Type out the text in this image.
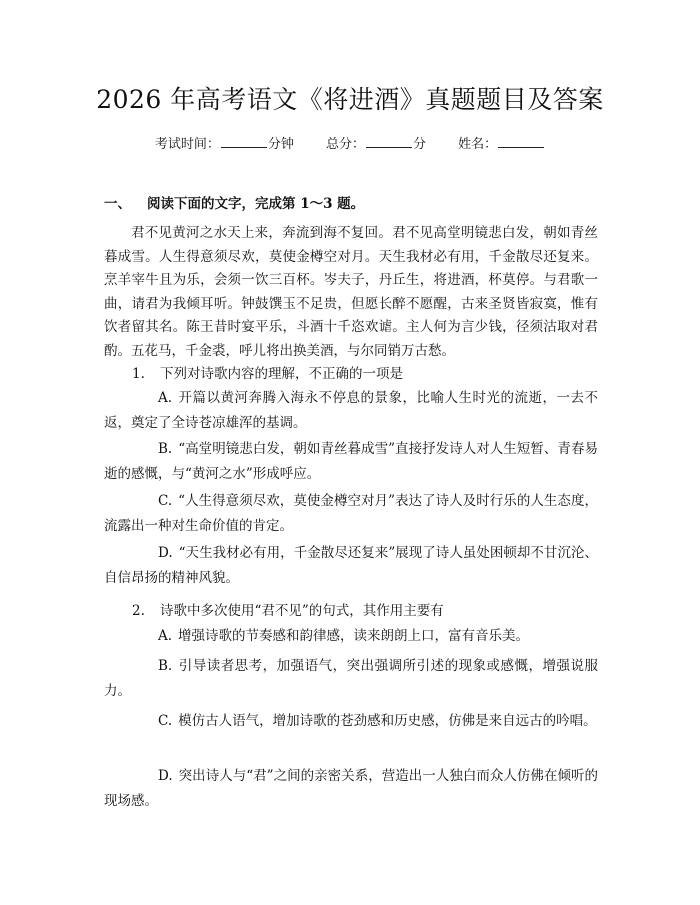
2026 年高考语文《将进酒》真题题目及答案
考试时间：	分钟 总分：	分 姓名：
一、 阅读下面的文字，完成第 1～3 题。

君不见黄河之水天上来，奔流到海不复回。君不见高堂明镜悲白发，朝如青丝暮成雪。人生得意须尽欢，莫使金樽空对月。天生我材必有用，千金散尽还复来。烹羊宰牛且为乐，会须一饮三百杯。岑夫子，丹丘生，将进酒，杯莫停。与君歌一曲，请君为我倾耳听。钟鼓馔玉不足贵，但愿长醉不愿醒，古来圣贤皆寂寞，惟有饮者留其名。陈王昔时宴平乐，斗酒十千恣欢谑。主人何为言少钱，径须沽取对君酌。五花马，千金裘，呼儿将出换美酒，与尔同销万古愁。

1. 下列对诗歌内容的理解，不正确的一项是

A. 开篇以黄河奔腾入海永不停息的景象，比喻人生时光的流逝，一去不返，奠定了全诗苍凉雄浑的基调。

B. “高堂明镜悲白发，朝如青丝暮成雪”直接抒发诗人对人生短暂、青春易逝的感慨，与“黄河之水”形成呼应。

C. “人生得意须尽欢，莫使金樽空对月”表达了诗人及时行乐的人生态度，流露出一种对生命价值的肯定。

D. “天生我材必有用，千金散尽还复来”展现了诗人虽处困顿却不甘沉沦、自信昂扬的精神风貌。

2. 诗歌中多次使用“君不见”的句式，其作用主要有

A. 增强诗歌的节奏感和韵律感，读来朗朗上口，富有音乐美。

B. 引导读者思考，加强语气，突出强调所引述的现象或感慨，增强说服力。

C. 模仿古人语气，增加诗歌的苍劲感和历史感，仿佛是来自远古的吟唱。

D. 突出诗人与“君”之间的亲密关系，营造出一人独白而众人仿佛在倾听的现场感。
